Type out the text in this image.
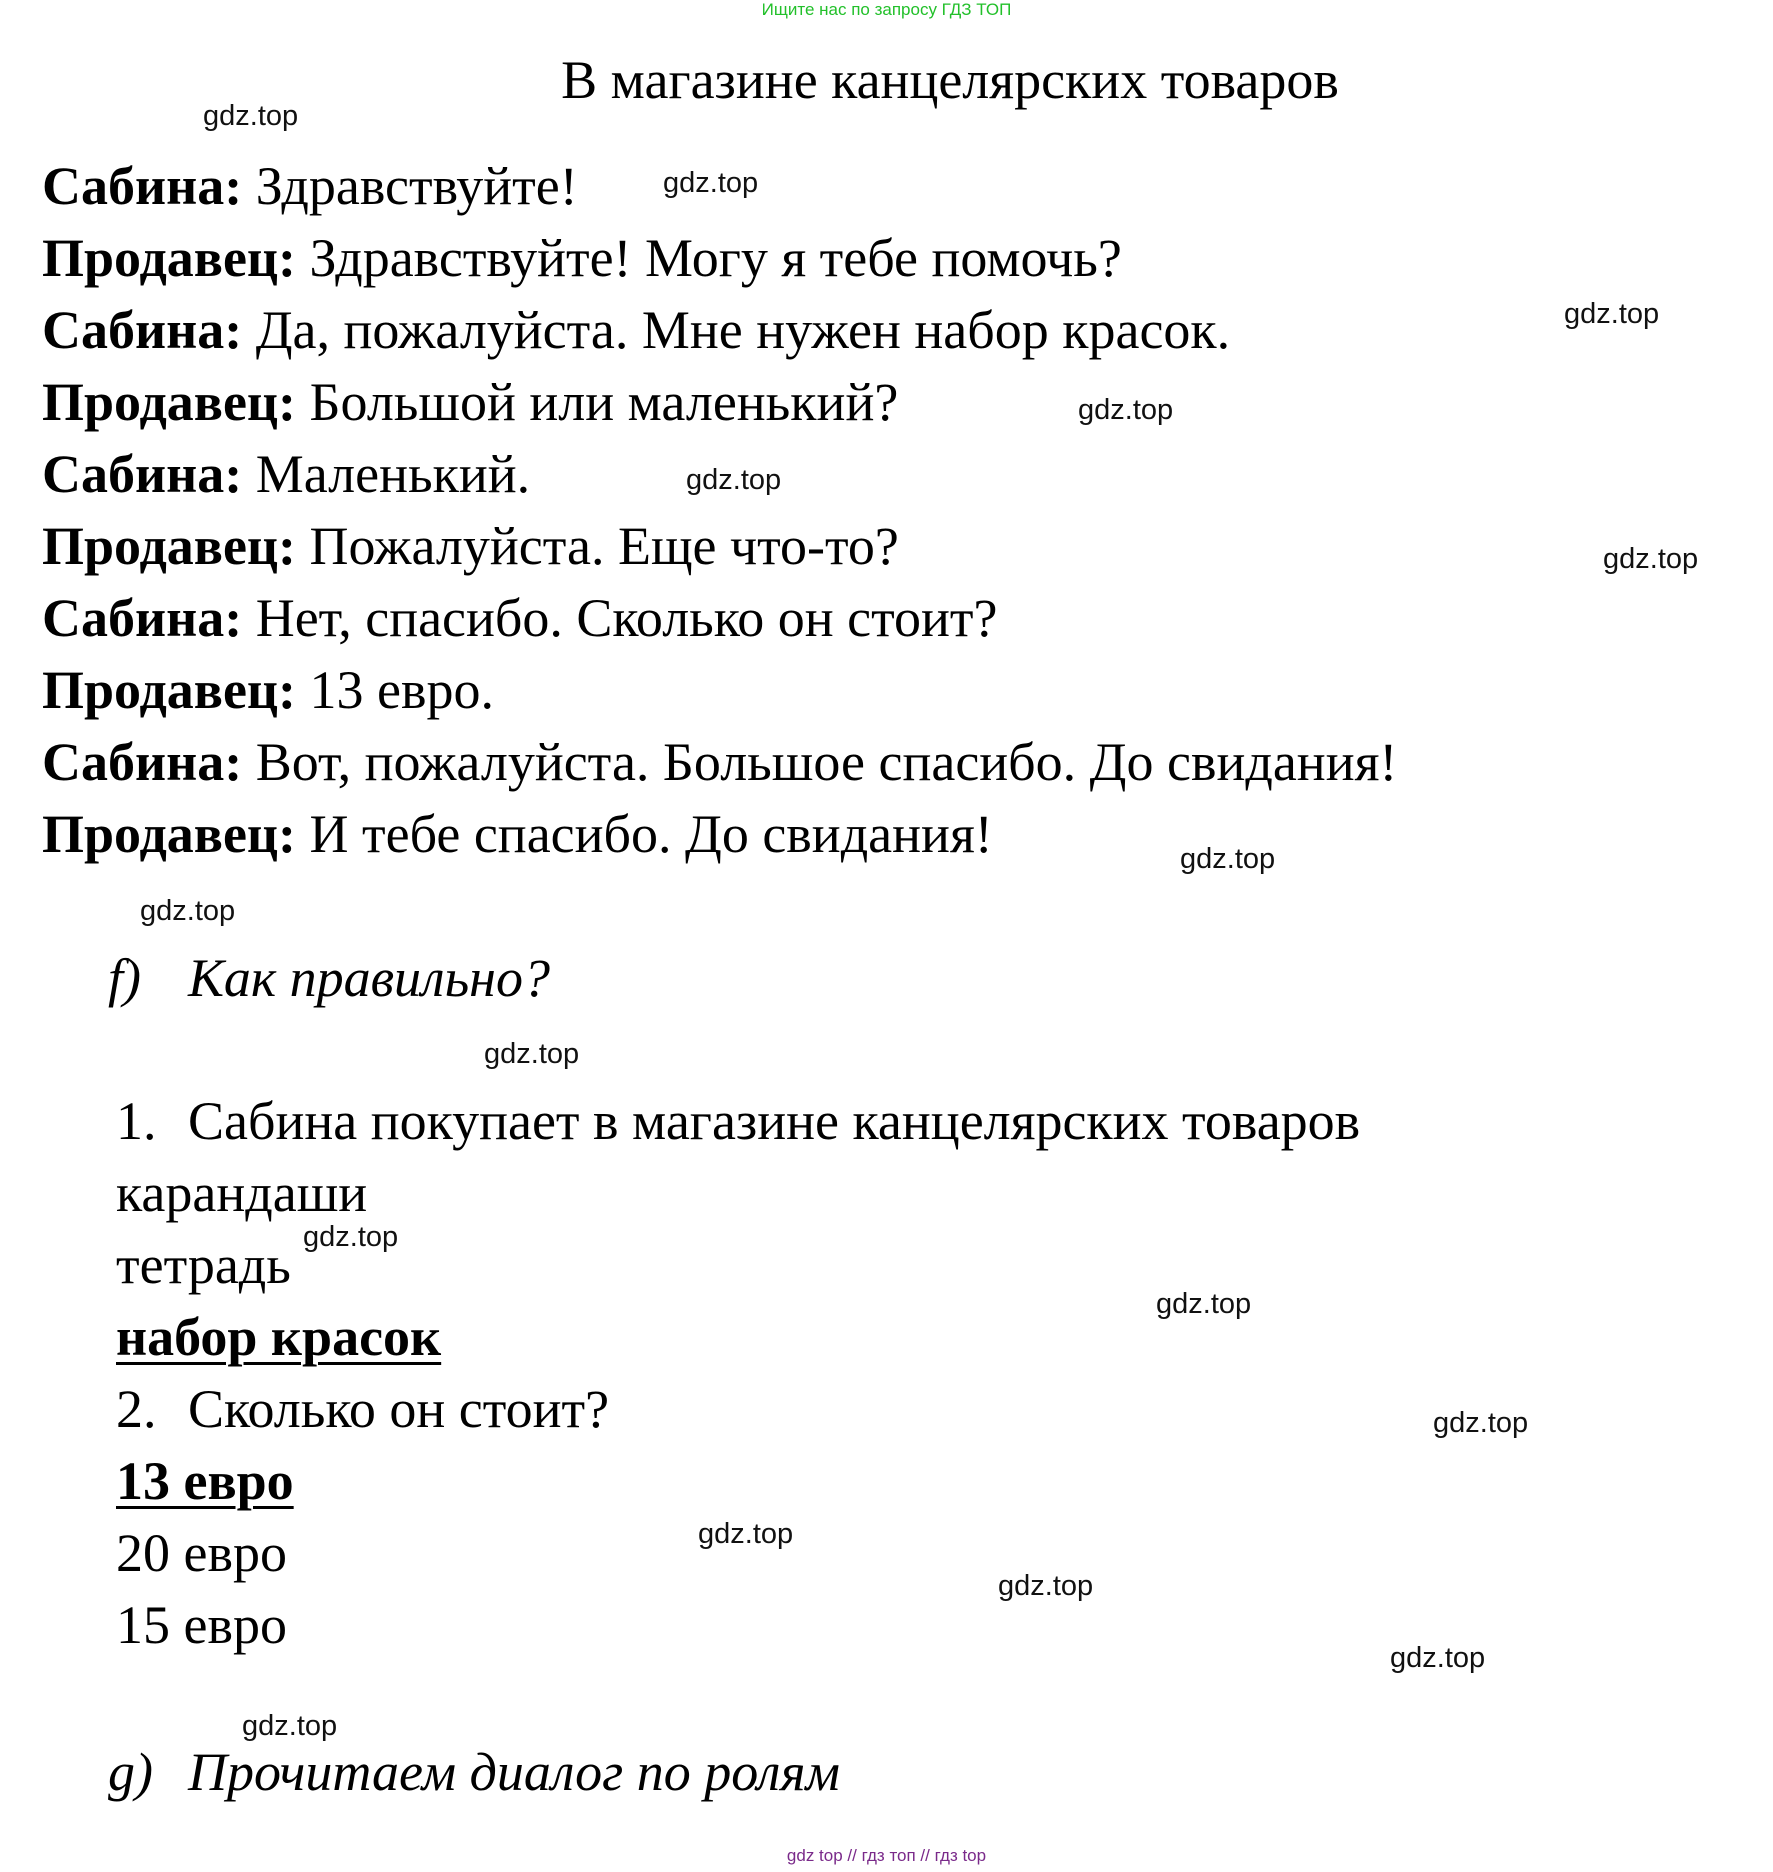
Ищите нас по запросу ГДЗ ТОП
В магазине канцелярских товаров
Сабина: Здравствуйте!
Продавец: Здравствуйте! Могу я тебе помочь?
Сабина: Да, пожалуйста. Мне нужен набор красок.
Продавец: Большой или маленький?
Сабина: Маленький.
Продавец: Пожалуйста. Еще что-то?
Сабина: Нет, спасибо. Сколько он стоит?
Продавец: 13 евро.
Сабина: Вот, пожалуйста. Большое спасибо. До свидания!
Продавец: И тебе спасибо. До свидания!
f) Как правильно?
1. Сабина покупает в магазине канцелярских товаров
карандаши
тетрадь
набор красок
2. Сколько он стоит?
13 евро
20 евро
15 евро
g) Прочитаем диалог по ролям
gdz.top
gdz.top
gdz.top
gdz.top
gdz.top
gdz.top
gdz.top
gdz.top
gdz.top
gdz.top
gdz.top
gdz.top
gdz.top
gdz.top
gdz.top
gdz.top
gdz top // гдз топ // гдз top
